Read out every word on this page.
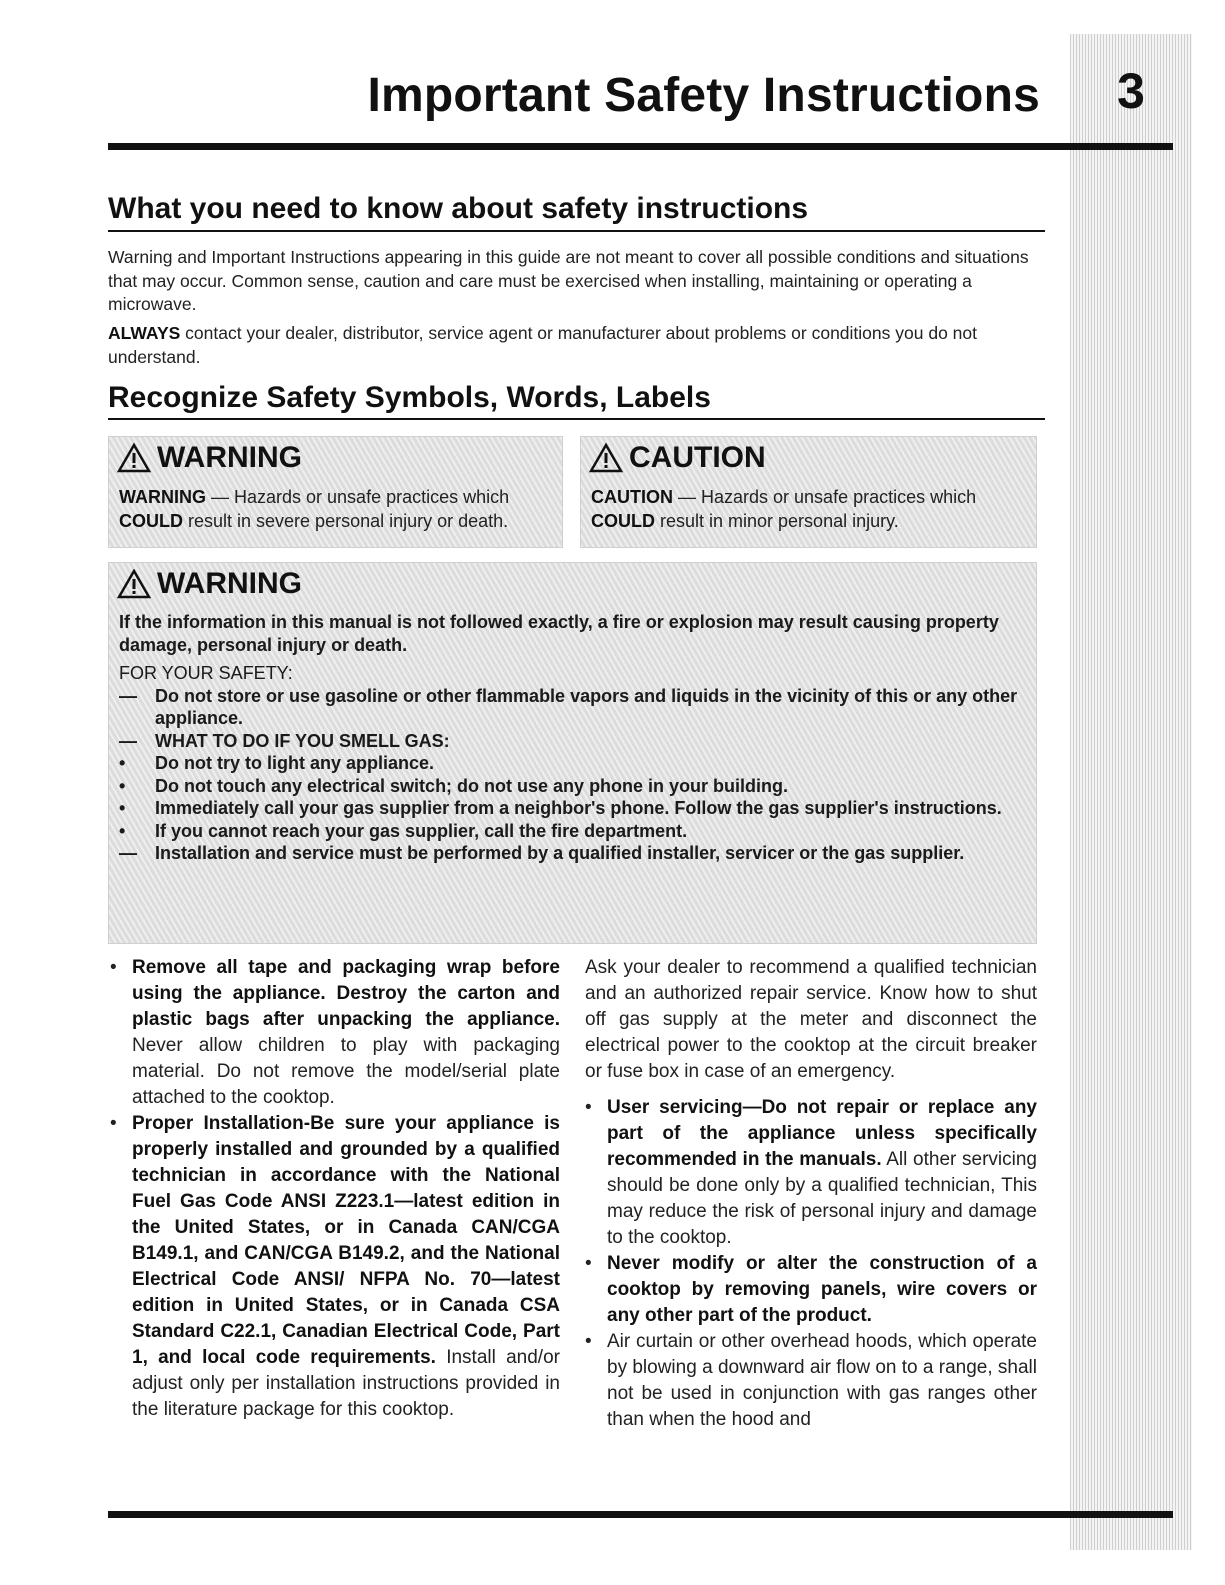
3
Important Safety Instructions
What you need to know about safety instructions

Warning and Important Instructions appearing in this guide are not meant to cover all possible conditions and situations that may occur. Common sense, caution and care must be exercised when installing, maintaining or operating a microwave.

ALWAYS contact your dealer, distributor, service agent or manufacturer about problems or conditions you do not understand.

Recognize Safety Symbols, Words, Labels
WARNING
WARNING — Hazards or unsafe practices which
COULD result in severe personal injury or death.
CAUTION
CAUTION — Hazards or unsafe practices which
COULD result in minor personal injury.
WARNING
If the information in this manual is not followed exactly, a fire or explosion may result causing property damage, personal injury or death.
FOR YOUR SAFETY:
—	Do not store or use gasoline or other flammable vapors and liquids in the vicinity of this or any other appliance.
—	WHAT TO DO IF YOU SMELL GAS:
•	Do not try to light any appliance.
•	Do not touch any electrical switch; do not use any phone in your building.
•	Immediately call your gas supplier from a neighbor's phone. Follow the gas supplier's instructions.
•	If you cannot reach your gas supplier, call the fire department.
—	Installation and service must be performed by a qualified installer, servicer or the gas supplier.
• Remove all tape and packaging wrap before using the appliance. Destroy the carton and plastic bags after unpacking the appliance. Never allow children to play with packaging material. Do not remove the model/serial plate attached to the cooktop.
• Proper Installation-Be sure your appliance is properly installed and grounded by a qualified technician in accordance with the National Fuel Gas Code ANSI Z223.1—latest edition in the United States, or in Canada CAN/CGA B149.1, and CAN/CGA B149.2, and the National Electrical Code ANSI/ NFPA No. 70—latest edition in United States, or in Canada CSA Standard C22.1, Canadian Electrical Code, Part 1, and local code requirements. Install and/or adjust only per installation instructions provided in the literature package for this cooktop.
Ask your dealer to recommend a qualified technician and an authorized repair service. Know how to shut off gas supply at the meter and disconnect the electrical power to the cooktop at the circuit breaker or fuse box in case of an emergency.
• User servicing—Do not repair or replace any part of the appliance unless specifically recommended in the manuals. All other servicing should be done only by a qualified technician, This may reduce the risk of personal injury and damage to the cooktop.
• Never modify or alter the construction of a cooktop by removing panels, wire covers or any other part of the product.
• Air curtain or other overhead hoods, which operate by blowing a downward air flow on to a range, shall not be used in conjunction with gas ranges other than when the hood and
